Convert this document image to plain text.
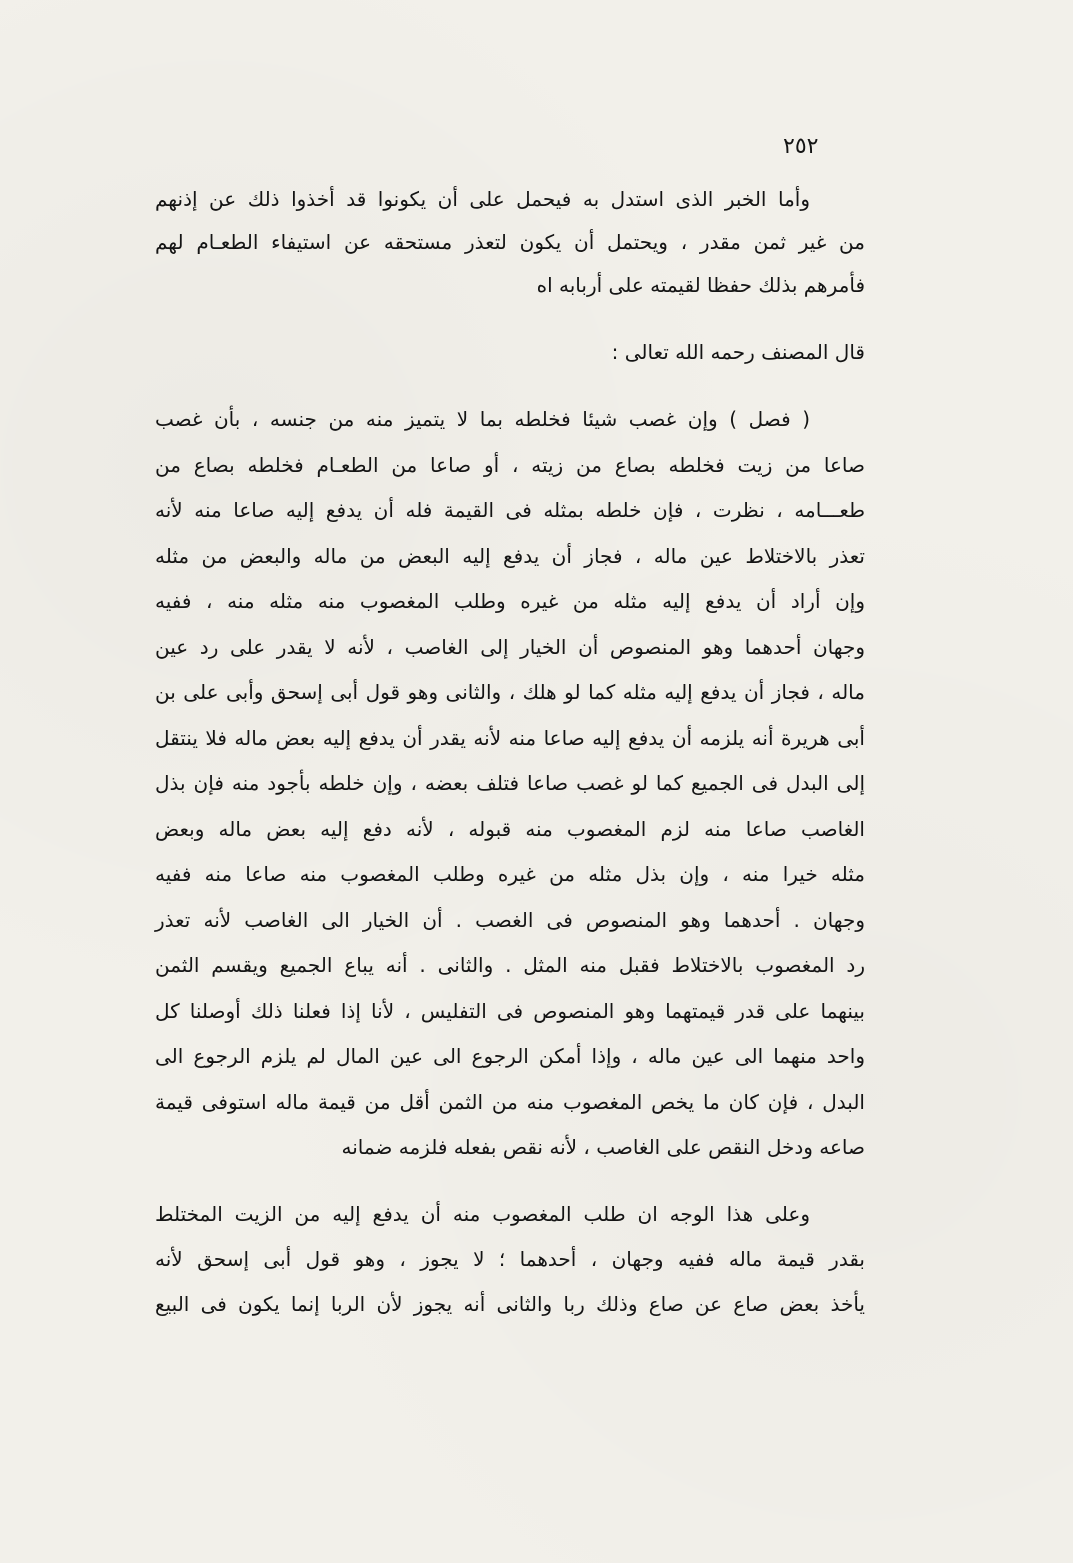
٢٥٢
وأما الخبر الذى استدل به فيحمل على أن يكونوا قد أخذوا ذلك عن إذنهم
من غير ثمن مقدر ، ويحتمل أن يكون لتعذر مستحقه عن استيفاء الطعـام لهم
فأمرهم بذلك حفظا لقيمته على أربابه اه
قال المصنف رحمه الله تعالى :
( فصل ) وإن غصب شيئا فخلطه بما لا يتميز منه من جنسه ، بأن غصب
صاعا من زيت فخلطه بصاع من زيته ، أو صاعا من الطعـام فخلطه بصاع من
طعـــامه ، نظرت ، فإن خلطه بمثله فى القيمة فله أن يدفع إليه صاعا منه لأنه
تعذر بالاختلاط عين ماله ، فجاز أن يدفع إليه البعض من ماله والبعض من مثله
وإن أراد أن يدفع إليه مثله من غيره وطلب المغصوب منه مثله منه ، ففيه
وجهان أحدهما وهو المنصوص أن الخيار إلى الغاصب ، لأنه لا يقدر على رد عين
ماله ، فجاز أن يدفع إليه مثله كما لو هلك ، والثانى وهو قول أبى إسحق وأبى على بن
أبى هريرة أنه يلزمه أن يدفع إليه صاعا منه لأنه يقدر أن يدفع إليه بعض ماله فلا ينتقل
إلى البدل فى الجميع كما لو غصب صاعا فتلف بعضه ، وإن خلطه بأجود منه فإن بذل
الغاصب صاعا منه لزم المغصوب منه قبوله ، لأنه دفع إليه بعض ماله وبعض
مثله خيرا منه ، وإن بذل مثله من غيره وطلب المغصوب منه صاعا منه ففيه
وجهان . أحدهما وهو المنصوص فى الغصب . أن الخيار الى الغاصب لأنه تعذر
رد المغصوب بالاختلاط فقبل منه المثل . والثانى . أنه يباع الجميع ويقسم الثمن
بينهما على قدر قيمتهما وهو المنصوص فى التفليس ، لأنا إذا فعلنا ذلك أوصلنا كل
واحد منهما الى عين ماله ، وإذا أمكن الرجوع الى عين المال لم يلزم الرجوع الى
البدل ، فإن كان ما يخص المغصوب منه من الثمن أقل من قيمة ماله استوفى قيمة
صاعه ودخل النقص على الغاصب ، لأنه نقص بفعله فلزمه ضمانه
وعلى هذا الوجه ان طلب المغصوب منه أن يدفع إليه من الزيت المختلط
بقدر قيمة ماله ففيه وجهان ، أحدهما ؛ لا يجوز ، وهو قول أبى إسحق لأنه
يأخذ بعض صاع عن صاع وذلك ربا والثانى أنه يجوز لأن الربا إنما يكون فى البيع
